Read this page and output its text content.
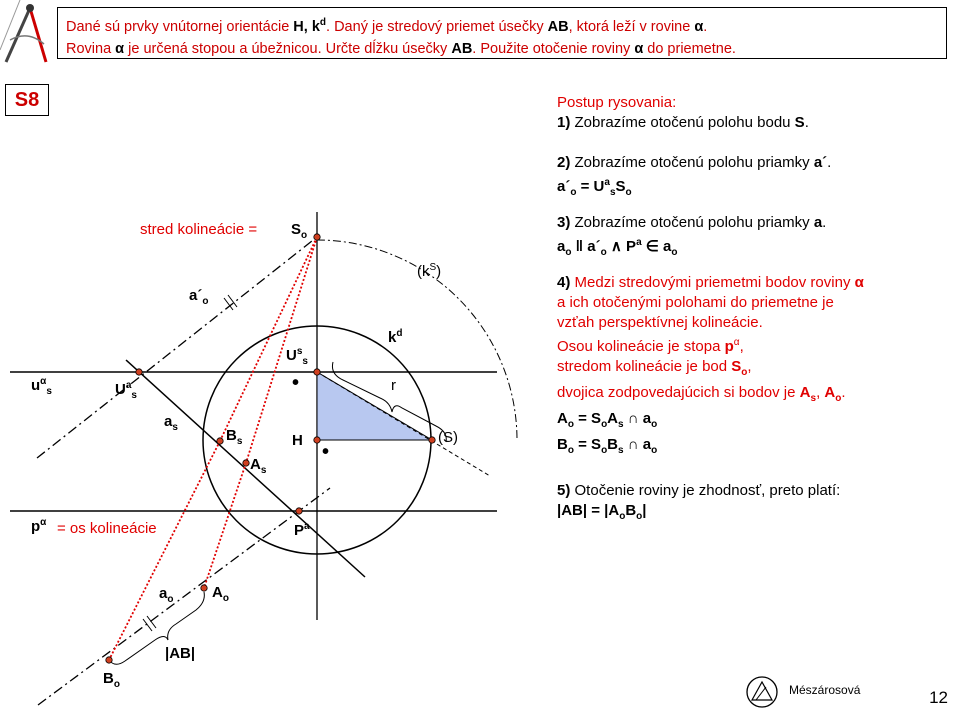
Dané sú prvky vnútornej orientácie H, $k^d$. Daný je stredový priemet úsečky AB, ktorá leží v rovine α.
Rovina α je určená stopou a úbežnicou. Určte dĺžku úsečky AB. Použite otočenie roviny α do priemetne.
S8
stred kolineácie = $S_o$
$(k^S)$
$a´_o$
$k^d$
$U^s_s$
$u^\alpha_s$	$U^a_s$
•	r
$a_s$	$B_s$	H	(S)
•
$A_s$
$p^\alpha$ = os kolineácie	$P^a$
$a_o$	$A_o$
|AB|
$B_o$
Postup rysovania:
1) Zobrazíme otočenú polohu bodu S.
2) Zobrazíme otočenú polohu priamky a´.
$a´_o = U^a_sS_o$
3) Zobrazíme otočenú polohu priamky a.
$a_o$ ǁ $a´_o$ ∧ $P^a$ ∈ $a_o$
4) Medzi stredovými priemetmi bodov roviny α
a ich otočenými polohami do priemetne je
vzťah perspektívnej kolineácie.
Osou kolineácie je stopa $p^\alpha$,
stredom kolineácie je bod $S_o$,
dvojica zodpovedajúcich si bodov je $A_s$, $A_o$.
$A_o = S_oA_s$ ∩ $a_o$
$B_o = S_oB_s$ ∩ $a_o$
5) Otočenie roviny je zhodnosť, preto platí:
$|AB| = |A_oB_o|$
Mészárosová	12
